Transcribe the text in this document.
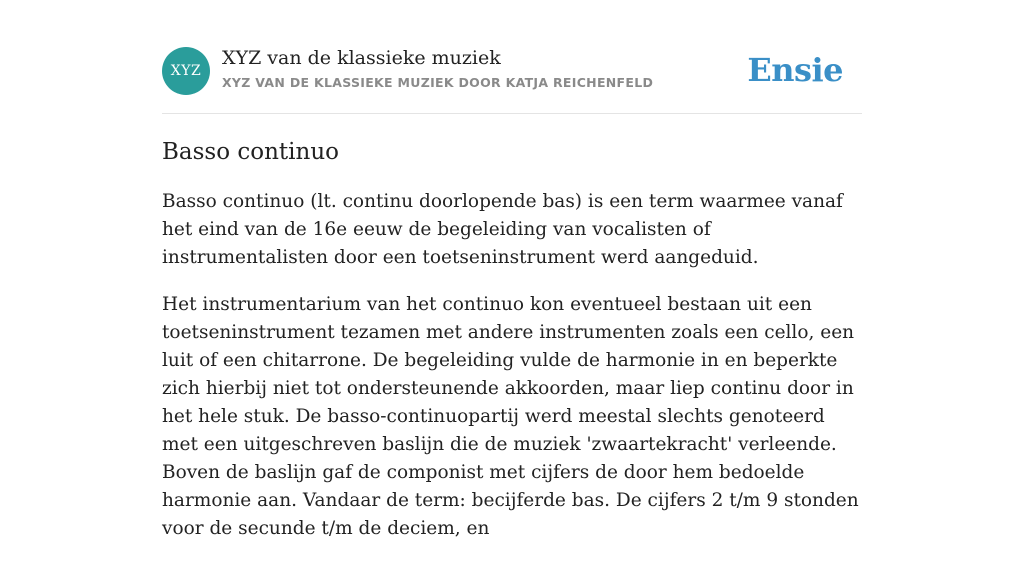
XYZ
XYZ van de klassieke muziek
XYZ VAN DE KLASSIEKE MUZIEK DOOR KATJA REICHENFELD	Ensie
Basso continuo

Basso continuo (lt. continu doorlopende bas) is een term waarmee vanaf het eind van de 16e eeuw de begeleiding van vocalisten of instrumentalisten door een toetseninstrument werd aangeduid.

Het instrumentarium van het continuo kon eventueel bestaan uit een toetseninstrument tezamen met andere instrumenten zoals een cello, een luit of een chitarrone. De begeleiding vulde de harmonie in en beperkte zich hierbij niet tot ondersteunende akkoorden, maar liep continu door in het hele stuk. De basso-continuopartij werd meestal slechts genoteerd met een uitgeschreven baslijn die de muziek 'zwaartekracht' verleende. Boven de baslijn gaf de componist met cijfers de door hem bedoelde harmonie aan. Vandaar de term: becijferde bas. De cijfers 2 t/m 9 stonden voor de secunde t/m de deciem, en
